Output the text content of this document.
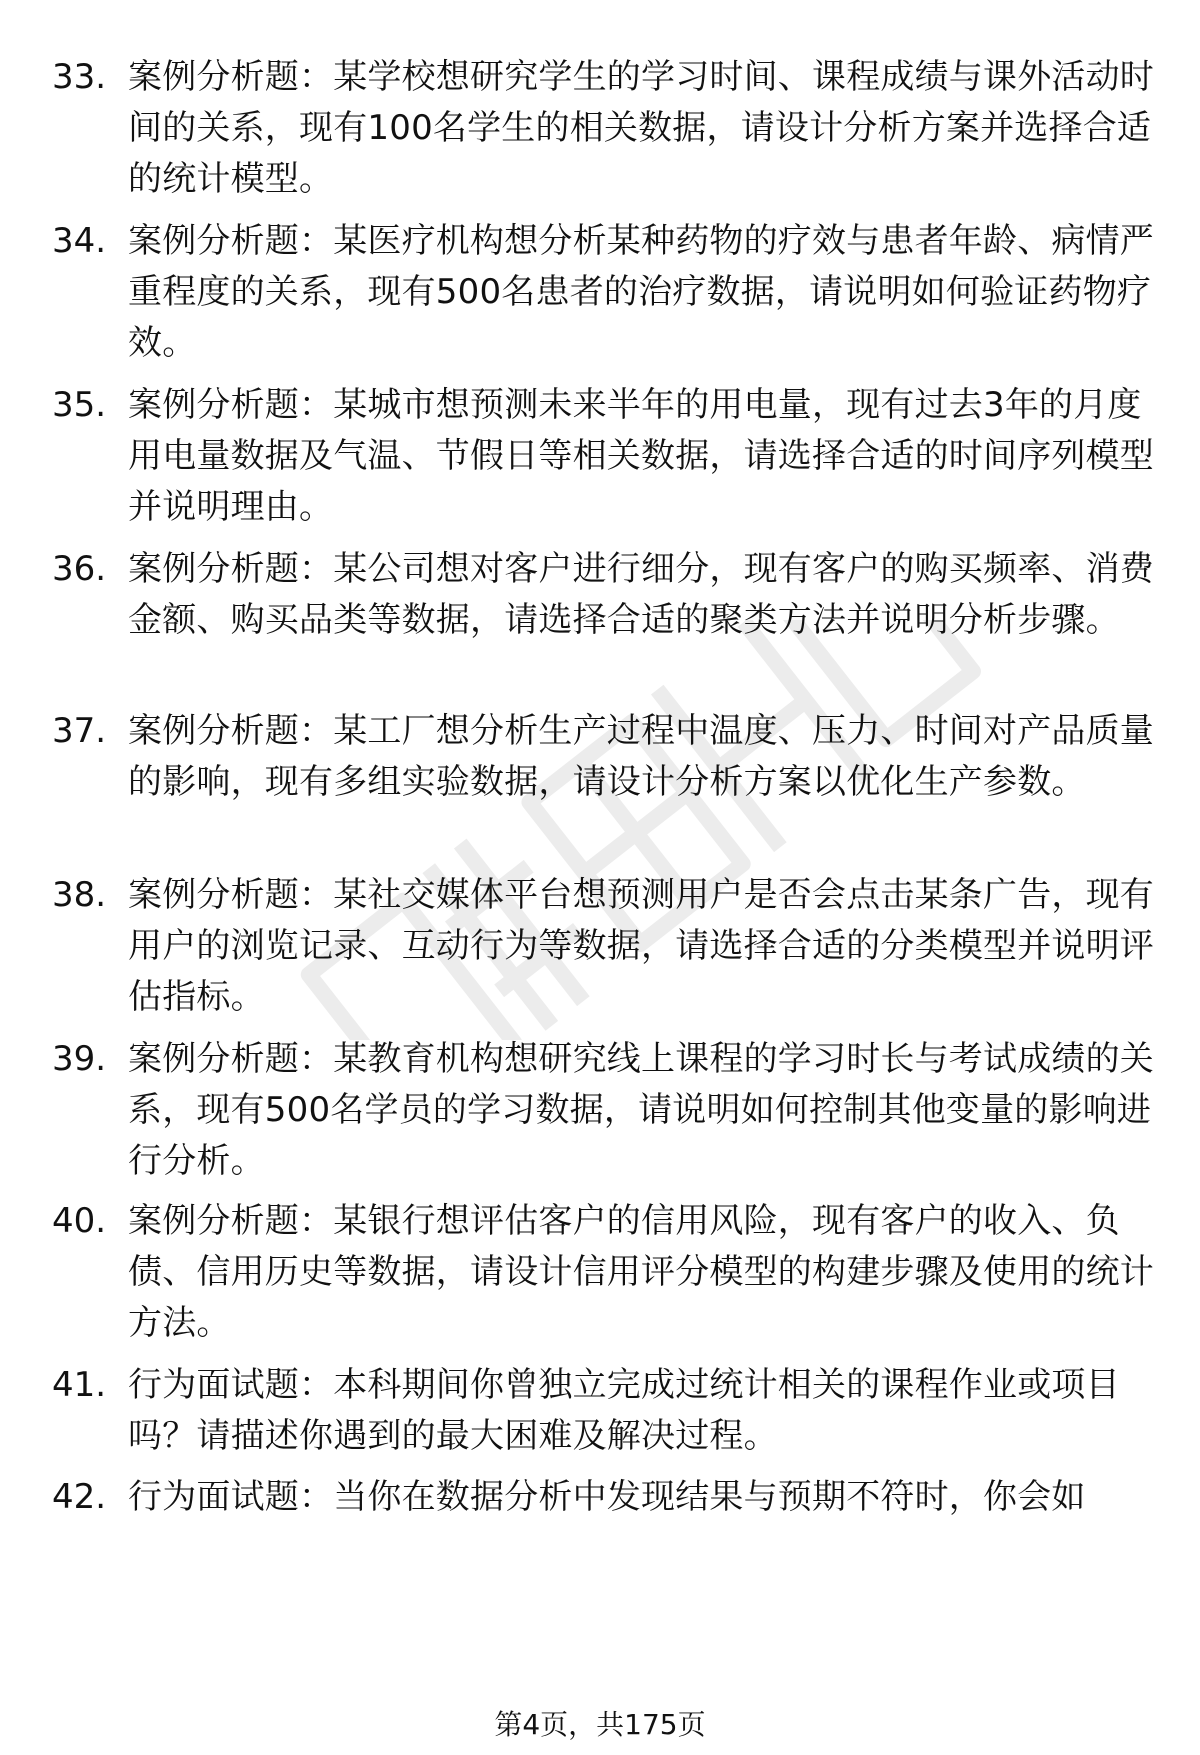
33. 案例分析题：某学校想研究学生的学习时间、课程成绩与课外活动时间的关系，现有100名学生的相关数据，请设计分析方案并选择合适的统计模型。
34. 案例分析题：某医疗机构想分析某种药物的疗效与患者年龄、病情严重程度的关系，现有500名患者的治疗数据，请说明如何验证药物疗效。
35. 案例分析题：某城市想预测未来半年的用电量，现有过去3年的月度用电量数据及气温、节假日等相关数据，请选择合适的时间序列模型并说明理由。
36. 案例分析题：某公司想对客户进行细分，现有客户的购买频率、消费金额、购买品类等数据，请选择合适的聚类方法并说明分析步骤。
37. 案例分析题：某工厂想分析生产过程中温度、压力、时间对产品质量的影响，现有多组实验数据，请设计分析方案以优化生产参数。
38. 案例分析题：某社交媒体平台想预测用户是否会点击某条广告，现有用户的浏览记录、互动行为等数据，请选择合适的分类模型并说明评估指标。
39. 案例分析题：某教育机构想研究线上课程的学习时长与考试成绩的关系，现有500名学员的学习数据，请说明如何控制其他变量的影响进行分析。
40. 案例分析题：某银行想评估客户的信用风险，现有客户的收入、负债、信用历史等数据，请设计信用评分模型的构建步骤及使用的统计方法。
41. 行为面试题：本科期间你曾独立完成过统计相关的课程作业或项目吗？请描述你遇到的最大困难及解决过程。
42. 行为面试题：当你在数据分析中发现结果与预期不符时，你会如
第4页，共175页
